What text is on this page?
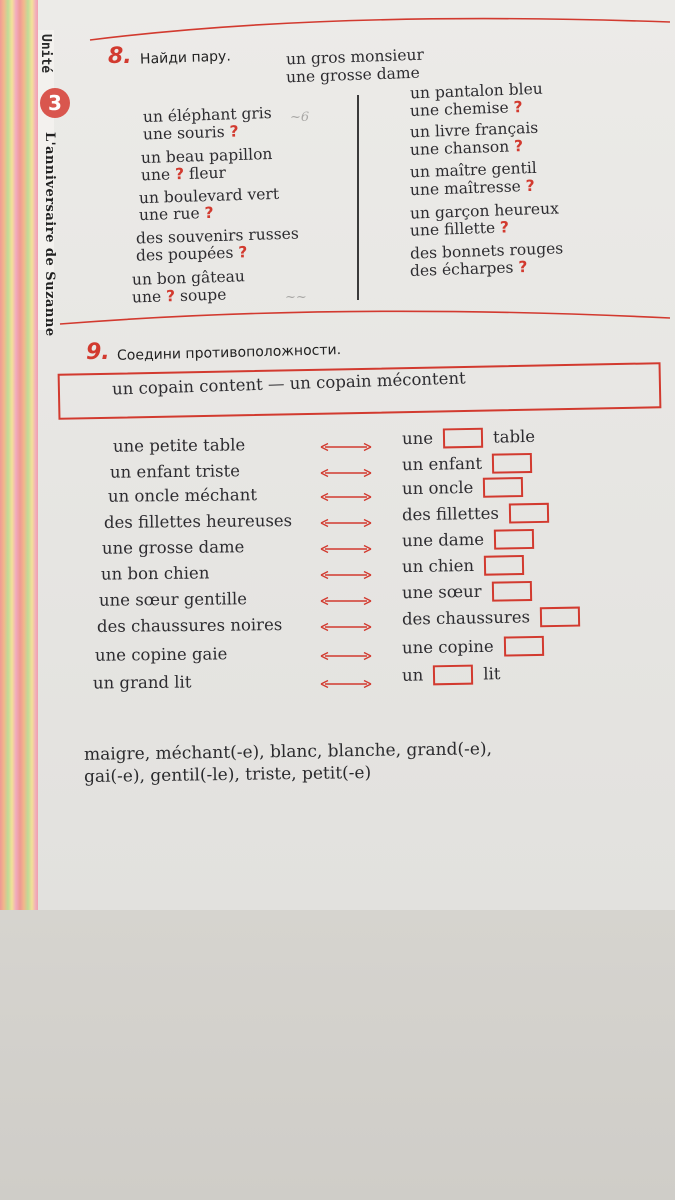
Unité
3
L'anniversaire de Suzanne
8. Найди пару.	un gros monsieur
une grosse dame
un éléphant gris
une souris ?
un beau papillon
une ? fleur
un boulevard vert
une rue ?
des souvenirs russes
des poupées ?
un bon gâteau
une ? soupe
un pantalon bleu
une chemise ?
un livre français
une chanson ?
un maître gentil
une maîtresse ?
un garçon heureux
une fillette ?
des bonnets rouges
des écharpes ?
~6
~~
9. Соедини противоположности.
un copain content — un copain mécontent
une petite table	une	table
un enfant triste	un enfant
un oncle méchant	un oncle
des fillettes heureuses	des fillettes
une grosse dame	une dame
un bon chien	un chien
une sœur gentille	une sœur
des chaussures noires	des chaussures
une copine gaie	une copine
un grand lit	un	lit
maigre, méchant(-e), blanc, blanche, grand(-e),
gai(-e), gentil(-le), triste, petit(-e)
